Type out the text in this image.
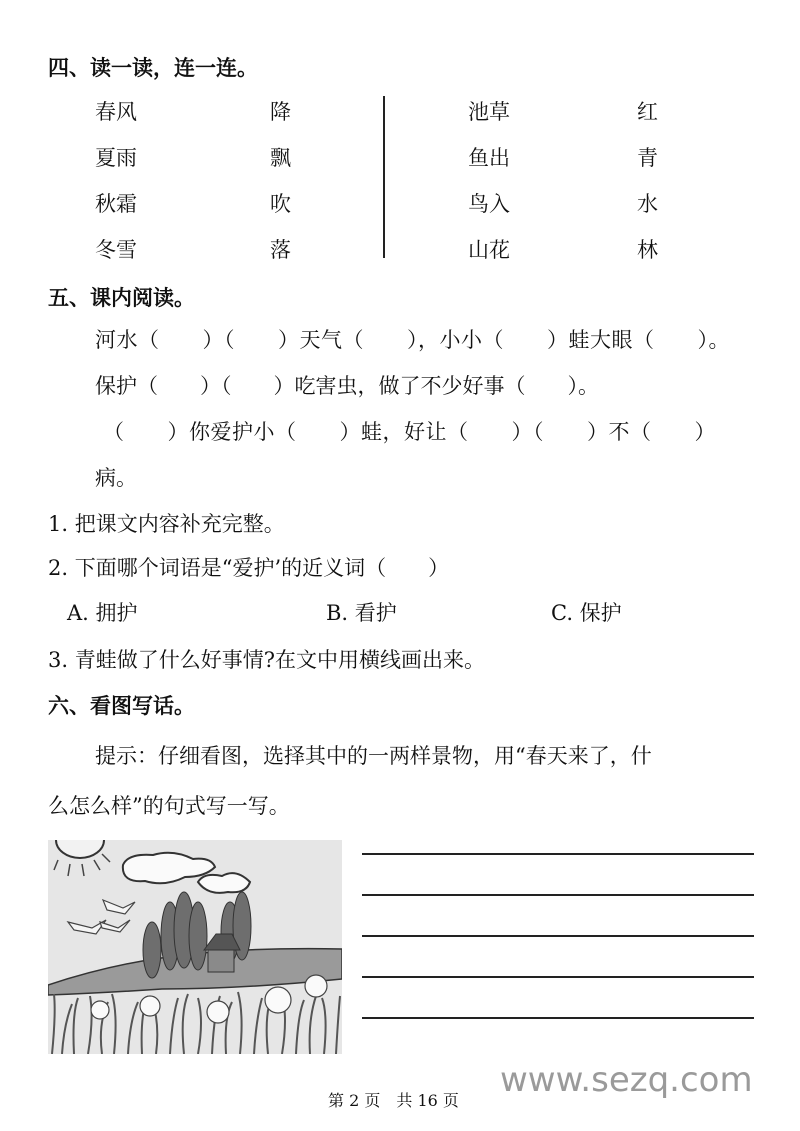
四、读一读，连一连。
春风
夏雨
秋霜
冬雪
降
飘
吹
落
池草
鱼出
鸟入
山花
红
青
水
林
五、课内阅读。
河水（　　）（　　）天气（　　），小小（　　）蛙大眼（　　）。
保护（　　）（　　）吃害虫，做了不少好事（　　）。
（　　）你爱护小（　　）蛙，好让（　　）（　　）不（　　）
病。
1. 把课文内容补充完整。
2. 下面哪个词语是“爱护’的近义词（　　）
A. 拥护	B. 看护	C. 保护
3. 青蛙做了什么好事情?在文中用横线画出来。
六、看图写话。
提示：仔细看图，选择其中的一两样景物，用“春天来了，什
么怎么样”的句式写一写。
第 2 页　共 16 页
www.sezq.com
